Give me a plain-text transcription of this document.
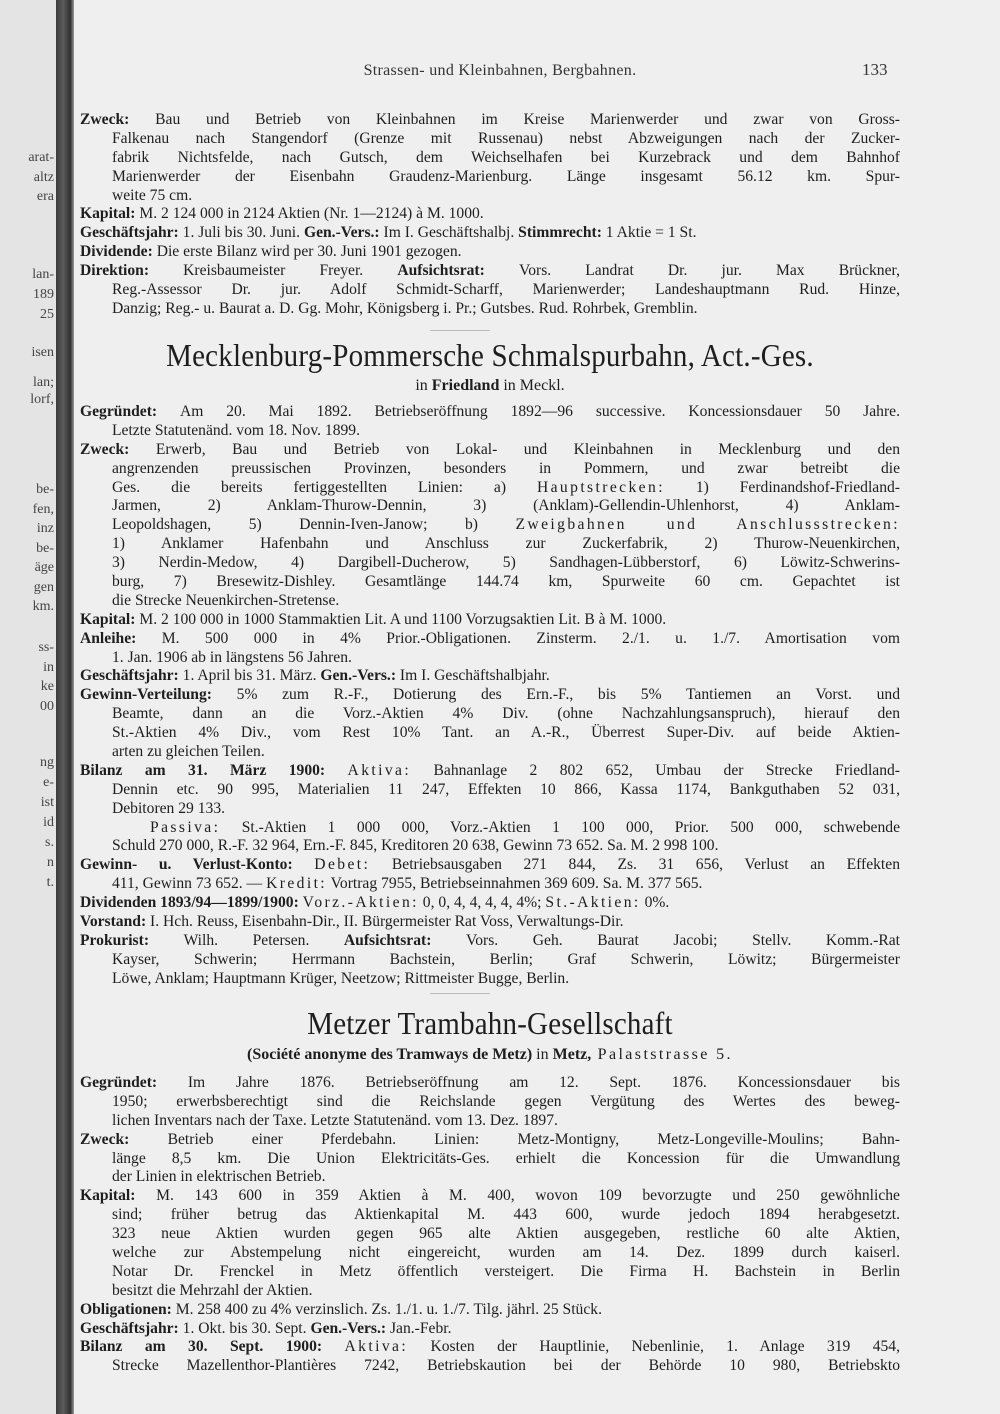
arat-
altz
era
lan-
189
25
isen
lan;
lorf,
be-
fen,
inz
be-
äge
gen
km.
ss-
in
ke
00
ng
e-
ist
id
s.
n
t.
Strassen- und Kleinbahnen, Bergbahnen.	133
Zweck: Bau und Betrieb von Kleinbahnen im Kreise Marienwerder und zwar von Gross-
Falkenau nach Stangendorf (Grenze mit Russenau) nebst Abzweigungen nach der Zucker-
fabrik Nichtsfelde, nach Gutsch, dem Weichselhafen bei Kurzebrack und dem Bahnhof
Marienwerder der Eisenbahn Graudenz-Marienburg. Länge insgesamt 56.12 km. Spur-
weite 75 cm.
Kapital: M. 2 124 000 in 2124 Aktien (Nr. 1—2124) à M. 1000.
Geschäftsjahr: 1. Juli bis 30. Juni. Gen.-Vers.: Im I. Geschäftshalbj. Stimmrecht: 1 Aktie = 1 St.
Dividende: Die erste Bilanz wird per 30. Juni 1901 gezogen.
Direktion: Kreisbaumeister Freyer. Aufsichtsrat: Vors. Landrat Dr. jur. Max Brückner,
Reg.-Assessor Dr. jur. Adolf Schmidt-Scharff, Marienwerder; Landeshauptmann Rud. Hinze,
Danzig; Reg.- u. Baurat a. D. Gg. Mohr, Königsberg i. Pr.; Gutsbes. Rud. Rohrbek, Gremblin.
Mecklenburg-Pommersche Schmalspurbahn, Act.-Ges.
in Friedland in Meckl.
Gegründet: Am 20. Mai 1892. Betriebseröffnung 1892—96 successive. Koncessionsdauer 50 Jahre.
Letzte Statutenänd. vom 18. Nov. 1899.
Zweck: Erwerb, Bau und Betrieb von Lokal- und Kleinbahnen in Mecklenburg und den
angrenzenden preussischen Provinzen, besonders in Pommern, und zwar betreibt die
Ges. die bereits fertiggestellten Linien: a) Hauptstrecken: 1) Ferdinandshof-Friedland-
Jarmen, 2) Anklam-Thurow-Dennin, 3) (Anklam)-Gellendin-Uhlenhorst, 4) Anklam-
Leopoldshagen, 5) Dennin-Iven-Janow; b) Zweigbahnen und Anschlussstrecken:
1) Anklamer Hafenbahn und Anschluss zur Zuckerfabrik, 2) Thurow-Neuenkirchen,
3) Nerdin-Medow, 4) Dargibell-Ducherow, 5) Sandhagen-Lübberstorf, 6) Löwitz-Schwerins-
burg, 7) Bresewitz-Dishley. Gesamtlänge 144.74 km, Spurweite 60 cm. Gepachtet ist
die Strecke Neuenkirchen-Stretense.
Kapital: M. 2 100 000 in 1000 Stammaktien Lit. A und 1100 Vorzugsaktien Lit. B à M. 1000.
Anleihe: M. 500 000 in 4% Prior.-Obligationen. Zinsterm. 2./1. u. 1./7. Amortisation vom
1. Jan. 1906 ab in längstens 56 Jahren.
Geschäftsjahr: 1. April bis 31. März. Gen.-Vers.: Im I. Geschäftshalbjahr.
Gewinn-Verteilung: 5% zum R.-F., Dotierung des Ern.-F., bis 5% Tantiemen an Vorst. und
Beamte, dann an die Vorz.-Aktien 4% Div. (ohne Nachzahlungsanspruch), hierauf den
St.-Aktien 4% Div., vom Rest 10% Tant. an A.-R., Überrest Super-Div. auf beide Aktien-
arten zu gleichen Teilen.
Bilanz am 31. März 1900: Aktiva: Bahnanlage 2 802 652, Umbau der Strecke Friedland-
Dennin etc. 90 995, Materialien 11 247, Effekten 10 866, Kassa 1174, Bankguthaben 52 031,
Debitoren 29 133.
Passiva: St.-Aktien 1 000 000, Vorz.-Aktien 1 100 000, Prior. 500 000, schwebende
Schuld 270 000, R.-F. 32 964, Ern.-F. 845, Kreditoren 20 638, Gewinn 73 652. Sa. M. 2 998 100.
Gewinn- u. Verlust-Konto: Debet: Betriebsausgaben 271 844, Zs. 31 656, Verlust an Effekten
411, Gewinn 73 652. — Kredit: Vortrag 7955, Betriebseinnahmen 369 609. Sa. M. 377 565.
Dividenden 1893/94—1899/1900: Vorz.-Aktien: 0, 0, 4, 4, 4, 4, 4%; St.-Aktien: 0%.
Vorstand: I. Hch. Reuss, Eisenbahn-Dir., II. Bürgermeister Rat Voss, Verwaltungs-Dir.
Prokurist: Wilh. Petersen. Aufsichtsrat: Vors. Geh. Baurat Jacobi; Stellv. Komm.-Rat
Kayser, Schwerin; Herrmann Bachstein, Berlin; Graf Schwerin, Löwitz; Bürgermeister
Löwe, Anklam; Hauptmann Krüger, Neetzow; Rittmeister Bugge, Berlin.
Metzer Trambahn-Gesellschaft
(Société anonyme des Tramways de Metz) in Metz, Palaststrasse 5.
Gegründet: Im Jahre 1876. Betriebseröffnung am 12. Sept. 1876. Koncessionsdauer bis
1950; erwerbsberechtigt sind die Reichslande gegen Vergütung des Wertes des beweg-
lichen Inventars nach der Taxe. Letzte Statutenänd. vom 13. Dez. 1897.
Zweck: Betrieb einer Pferdebahn. Linien: Metz-Montigny, Metz-Longeville-Moulins; Bahn-
länge 8,5 km. Die Union Elektricitäts-Ges. erhielt die Koncession für die Umwandlung
der Linien in elektrischen Betrieb.
Kapital: M. 143 600 in 359 Aktien à M. 400, wovon 109 bevorzugte und 250 gewöhnliche
sind; früher betrug das Aktienkapital M. 443 600, wurde jedoch 1894 herabgesetzt.
323 neue Aktien wurden gegen 965 alte Aktien ausgegeben, restliche 60 alte Aktien,
welche zur Abstempelung nicht eingereicht, wurden am 14. Dez. 1899 durch kaiserl.
Notar Dr. Frenckel in Metz öffentlich versteigert. Die Firma H. Bachstein in Berlin
besitzt die Mehrzahl der Aktien.
Obligationen: M. 258 400 zu 4% verzinslich. Zs. 1./1. u. 1./7. Tilg. jährl. 25 Stück.
Geschäftsjahr: 1. Okt. bis 30. Sept. Gen.-Vers.: Jan.-Febr.
Bilanz am 30. Sept. 1900: Aktiva: Kosten der Hauptlinie, Nebenlinie, 1. Anlage 319 454,
Strecke Mazellenthor-Plantières 7242, Betriebskaution bei der Behörde 10 980, Betriebskto
